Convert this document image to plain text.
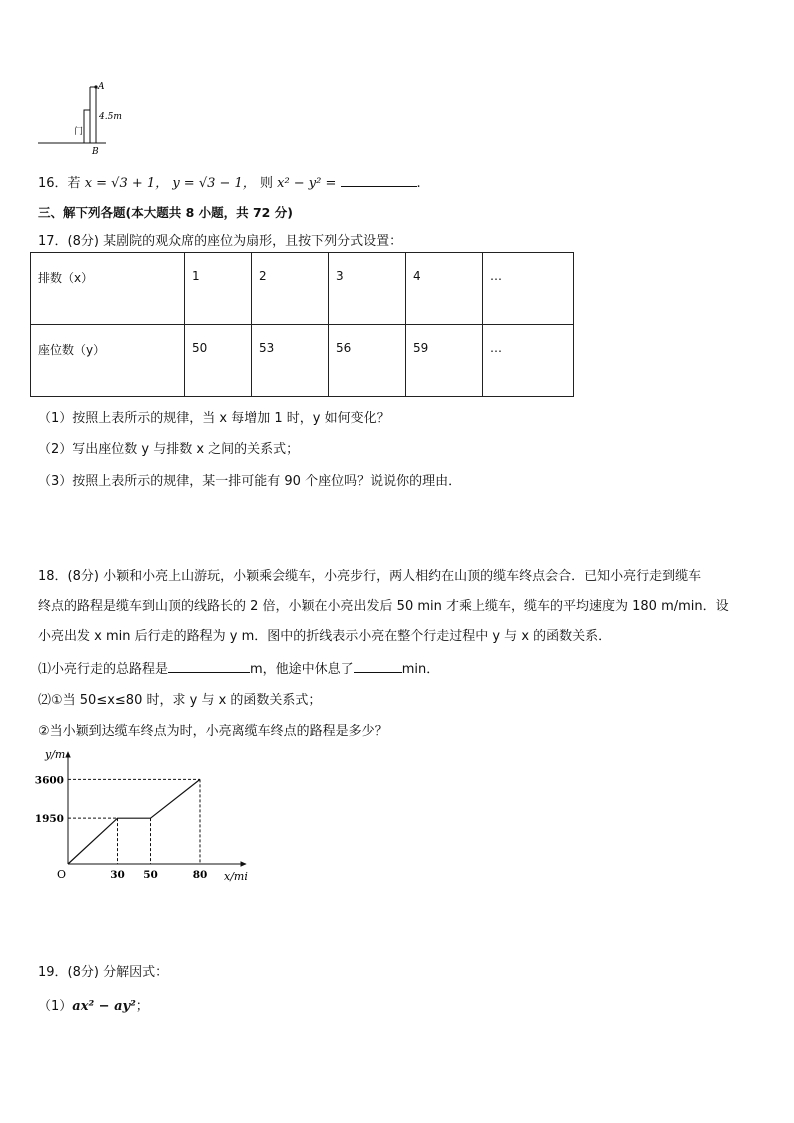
A
B
4.5m
门
16．若 x = √3 + 1， y = √3 − 1， 则 x² − y² =	.
三、解下列各题(本大题共 8 小题，共 72 分)
17．(8分) 某剧院的观众席的座位为扇形，且按下列分式设置：
排数（x）	1	2	3	4	…
座位数（y）	50	53	56	59	…
（1）按照上表所示的规律，当 x 每增加 1 时，y 如何变化？
（2）写出座位数 y 与排数 x 之间的关系式；
（3）按照上表所示的规律，某一排可能有 90 个座位吗？说说你的理由．
18．(8分) 小颖和小亮上山游玩，小颖乘会缆车，小亮步行，两人相约在山顶的缆车终点会合．已知小亮行走到缆车
终点的路程是缆车到山顶的线路长的 2 倍，小颖在小亮出发后 50 min 才乘上缆车，缆车的平均速度为 180 m/min．设
小亮出发 x min 后行走的路程为 y m．图中的折线表示小亮在整个行走过程中 y 与 x 的函数关系．
⑴小亮行走的总路程是	m，他途中休息了	min．
⑵①当 50≤x≤80 时，求 y 与 x 的函数关系式；
②当小颖到达缆车终点为时，小亮离缆车终点的路程是多少？
y/m
x/mi
O	30 50	80
3600
1950
19．(8分) 分解因式：
（1）ax² − ay²；
